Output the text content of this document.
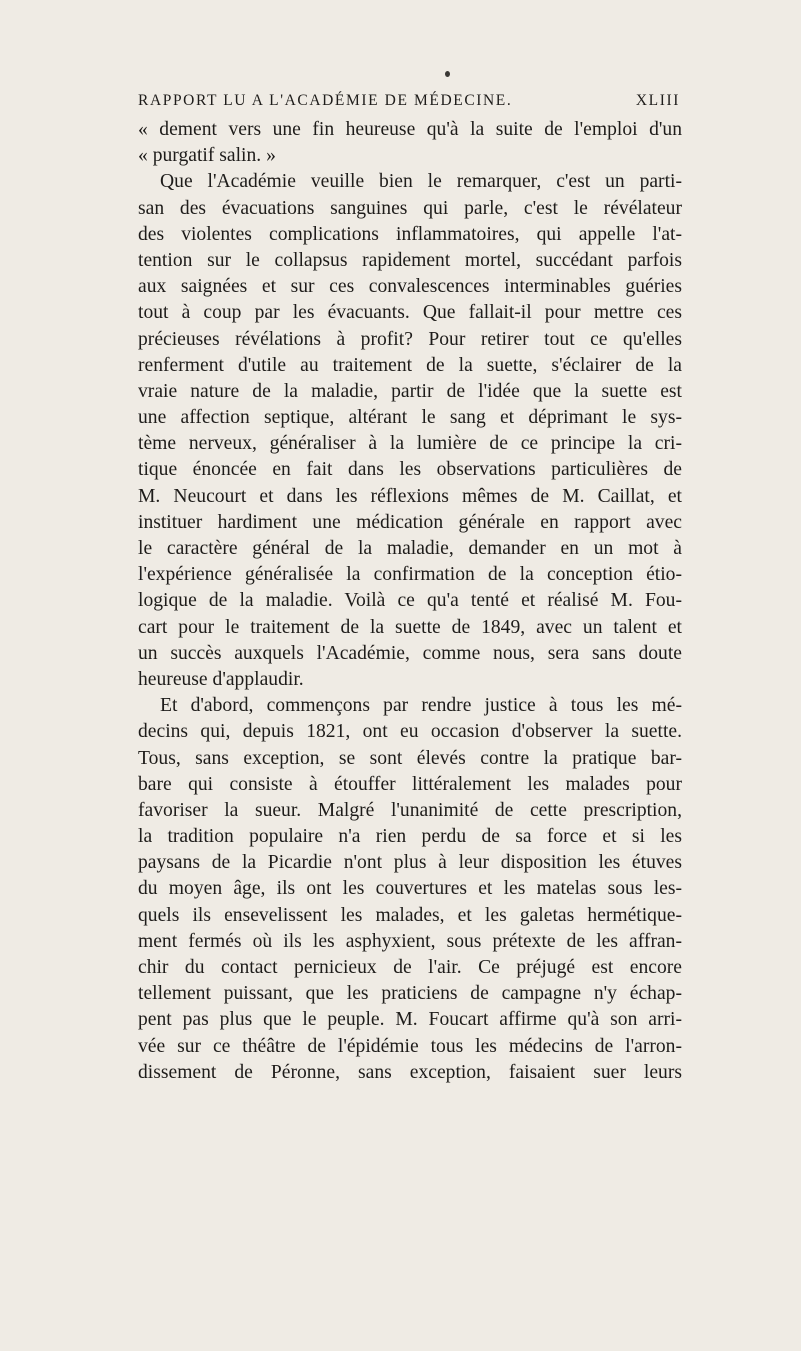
RAPPORT LU A L'ACADÉMIE DE MÉDECINE.	XLIII
« dement vers une fin heureuse qu'à la suite de l'emploi d'un
« purgatif salin. »
Que l'Académie veuille bien le remarquer, c'est un parti-
san des évacuations sanguines qui parle, c'est le révélateur
des violentes complications inflammatoires, qui appelle l'at-
tention sur le collapsus rapidement mortel, succédant parfois
aux saignées et sur ces convalescences interminables guéries
tout à coup par les évacuants. Que fallait-il pour mettre ces
précieuses révélations à profit? Pour retirer tout ce qu'elles
renferment d'utile au traitement de la suette, s'éclairer de la
vraie nature de la maladie, partir de l'idée que la suette est
une affection septique, altérant le sang et déprimant le sys-
tème nerveux, généraliser à la lumière de ce principe la cri-
tique énoncée en fait dans les observations particulières de
M. Neucourt et dans les réflexions mêmes de M. Caillat, et
instituer hardiment une médication générale en rapport avec
le caractère général de la maladie, demander en un mot à
l'expérience généralisée la confirmation de la conception étio-
logique de la maladie. Voilà ce qu'a tenté et réalisé M. Fou-
cart pour le traitement de la suette de 1849, avec un talent et
un succès auxquels l'Académie, comme nous, sera sans doute
heureuse d'applaudir.
Et d'abord, commençons par rendre justice à tous les mé-
decins qui, depuis 1821, ont eu occasion d'observer la suette.
Tous, sans exception, se sont élevés contre la pratique bar-
bare qui consiste à étouffer littéralement les malades pour
favoriser la sueur. Malgré l'unanimité de cette prescription,
la tradition populaire n'a rien perdu de sa force et si les
paysans de la Picardie n'ont plus à leur disposition les étuves
du moyen âge, ils ont les couvertures et les matelas sous les-
quels ils ensevelissent les malades, et les galetas hermétique-
ment fermés où ils les asphyxient, sous prétexte de les affran-
chir du contact pernicieux de l'air. Ce préjugé est encore
tellement puissant, que les praticiens de campagne n'y échap-
pent pas plus que le peuple. M. Foucart affirme qu'à son arri-
vée sur ce théâtre de l'épidémie tous les médecins de l'arron-
dissement de Péronne, sans exception, faisaient suer leurs
